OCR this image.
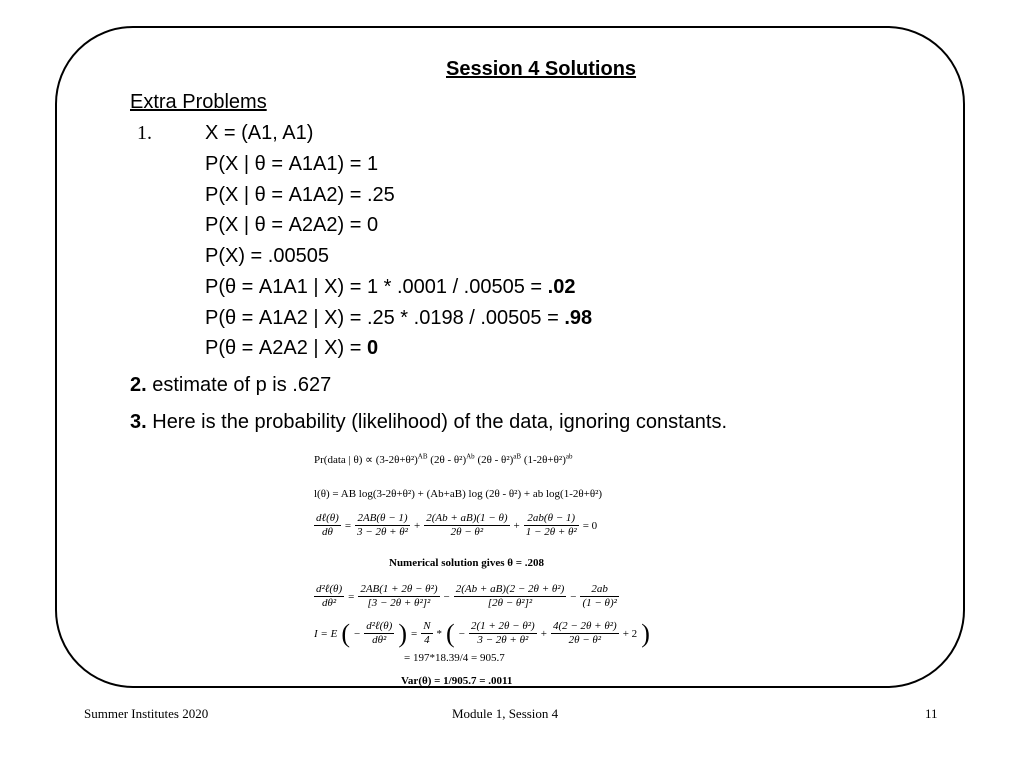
Session 4 Solutions
Extra Problems
1.	X = (A1, A1)
P(X | θ = A1A1) = 1
P(X | θ = A1A2) = .25
P(X | θ = A2A2) = 0
P(X) = .00505
P(θ = A1A1 | X) = 1 * .0001 / .00505 = .02
P(θ = A1A2 | X) = .25 * .0198 / .00505 = .98
P(θ = A2A2 | X) = 0
2. estimate of p is .627
3. Here is the probability (likelihood) of the data, ignoring constants.
Pr(data | $\theta) \propto (3-2\theta+\theta^2)^{AB}$ (2θ - θ²)$^{Ab}$ (2θ - θ²)$^{aB}$ $(1-2\theta+\theta^2)^{ab}$
l(θ) = AB log(3-2θ+θ²) + (Ab+aB) log (2θ - θ²) + ab log(1-2θ+θ²)
$\frac{\text{dℓ(θ)}}{d\theta} = \frac{2AB(\theta - 1)}{\text{3 − 2θ + θ²}} + \frac{2(Ab + aB)(1 - \theta)}{\text{2θ − θ²}} + \frac{2ab(\theta - 1)}{\text{1 − 2θ + θ²}} = 0$
Numerical solution gives θ = .208
$\frac{\text{d²ℓ(θ)}}{\text{dθ²}} = \frac{\text{2AB(1 + 2θ − θ²)}}{\text{[3 − 2θ + θ²]²}} - \frac{\text{2(Ab + aB)(2 − 2θ + θ²)}}{\text{[2θ − θ²]²}} - \frac{2ab}{\text{(1 − θ)²}}$
I = E ( − $\frac{\text{d²ℓ(θ)}}{\text{dθ²}}$ ) = $\frac{N}{4}$ * ( − $\frac{\text{2(1 + 2θ − θ²)}}{\text{3 − 2θ + θ²}} + \frac{\text{4(2 − 2θ + θ²)}}{\text{2θ − θ²}} + 2$ )
= 197*18.39/4 = 905.7
Var(θ) = 1/905.7 = .0011
Summer Institutes 2020	Module 1, Session 4	11
